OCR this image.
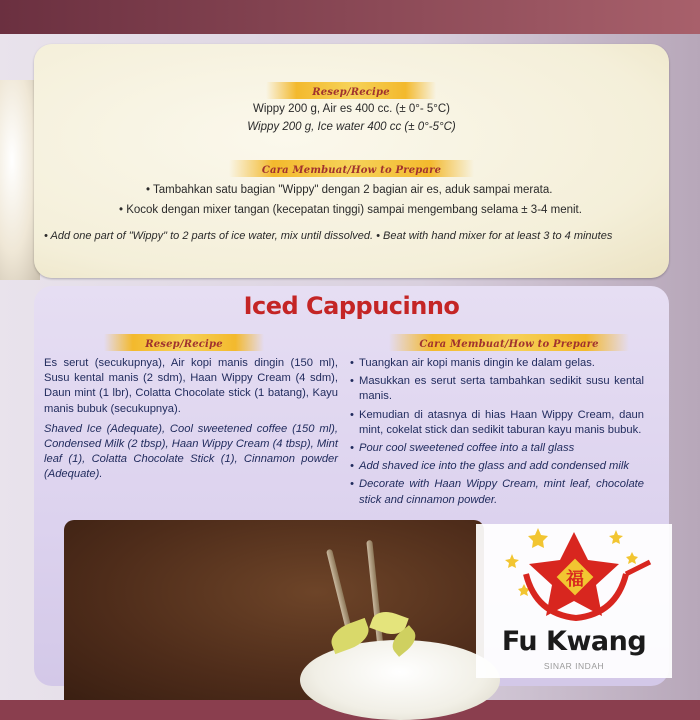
Resep/Recipe
Wippy 200 g, Air es 400 cc. (± 0°- 5°C)
Wippy 200 g, Ice water 400 cc (± 0°-5°C)
Cara Membuat/How to Prepare
• Tambahkan satu bagian "Wippy" dengan 2 bagian air es, aduk sampai merata.
• Kocok dengan mixer tangan (kecepatan tinggi) sampai mengembang selama ± 3-4 menit.
• Add one part of "Wippy" to 2 parts of ice water, mix until dissolved. • Beat with hand mixer for at least 3 to 4 minutes
Iced Cappucinno
Resep/Recipe	Cara Membuat/How to Prepare

Es serut (secukupnya), Air kopi manis dingin (150 ml), Susu kental manis (2 sdm), Haan Wippy Cream (4 sdm), Daun mint (1 lbr), Colatta Chocolate stick (1 batang), Kayu manis bubuk (secukupnya).

Shaved Ice (Adequate), Cool sweetened coffee (150 ml), Condensed Milk (2 tbsp), Haan Wippy Cream (4 tbsp), Mint leaf (1), Colatta Chocolate Stick (1), Cinnamon powder (Adequate).

• Tuangkan air kopi manis dingin ke dalam gelas.
• Masukkan es serut serta tambahkan sedikit susu kental manis.
• Kemudian di atasnya di hias Haan Wippy Cream, daun mint, cokelat stick dan sedikit taburan kayu manis bubuk.
• Pour cool sweetened coffee into a tall glass
• Add shaved ice into the glass and add condensed milk
• Decorate with Haan Wippy Cream, mint leaf, chocolate stick and cinnamon powder.
福
Fu Kwang
SINAR INDAH
